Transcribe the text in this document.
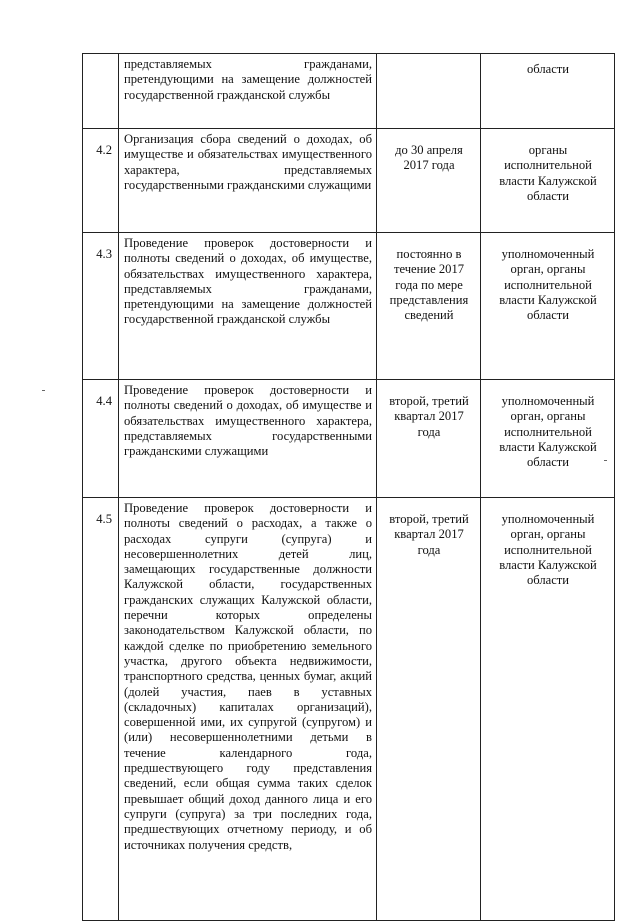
	представляемых гражданами, претендующими на замещение должностей государственной гражданской службы		области
4.2	Организация сбора сведений о доходах, об имуществе и обязательствах имущественного характера, представляемых государственными гражданскими служащими	до 30 апреля 2017 года	органы исполнительной власти Калужской области
4.3	Проведение проверок достоверности и полноты сведений о доходах, об имуществе, обязательствах имущественного характера, представляемых гражданами, претендующими на замещение должностей государственной гражданской службы	постоянно в течение 2017 года по мере представления сведений	уполномоченный орган, органы исполнительной власти Калужской области
4.4	Проведение проверок достоверности и полноты сведений о доходах, об имуществе и обязательствах имущественного характера, представляемых государственными гражданскими служащими	второй, третий квартал 2017 года	уполномоченный орган, органы исполнительной власти Калужской области
4.5	Проведение проверок достоверности и полноты сведений о расходах, а также о расходах супруги (супруга) и несовершеннолетних детей лиц, замещающих государственные должности Калужской области, государственных гражданских служащих Калужской области, перечни которых определены законодательством Калужской области, по каждой сделке по приобретению земельного участка, другого объекта недвижимости, транспортного средства, ценных бумаг, акций (долей участия, паев в уставных (складочных) капиталах организаций), совершенной ими, их супругой (супругом) и (или) несовершеннолетними детьми в течение календарного года, предшествующего году представления сведений, если общая сумма таких сделок превышает общий доход данного лица и его супруги (супруга) за три последних года, предшествующих отчетному периоду, и об источниках получения средств,	второй, третий квартал 2017 года	уполномоченный орган, органы исполнительной власти Калужской области
